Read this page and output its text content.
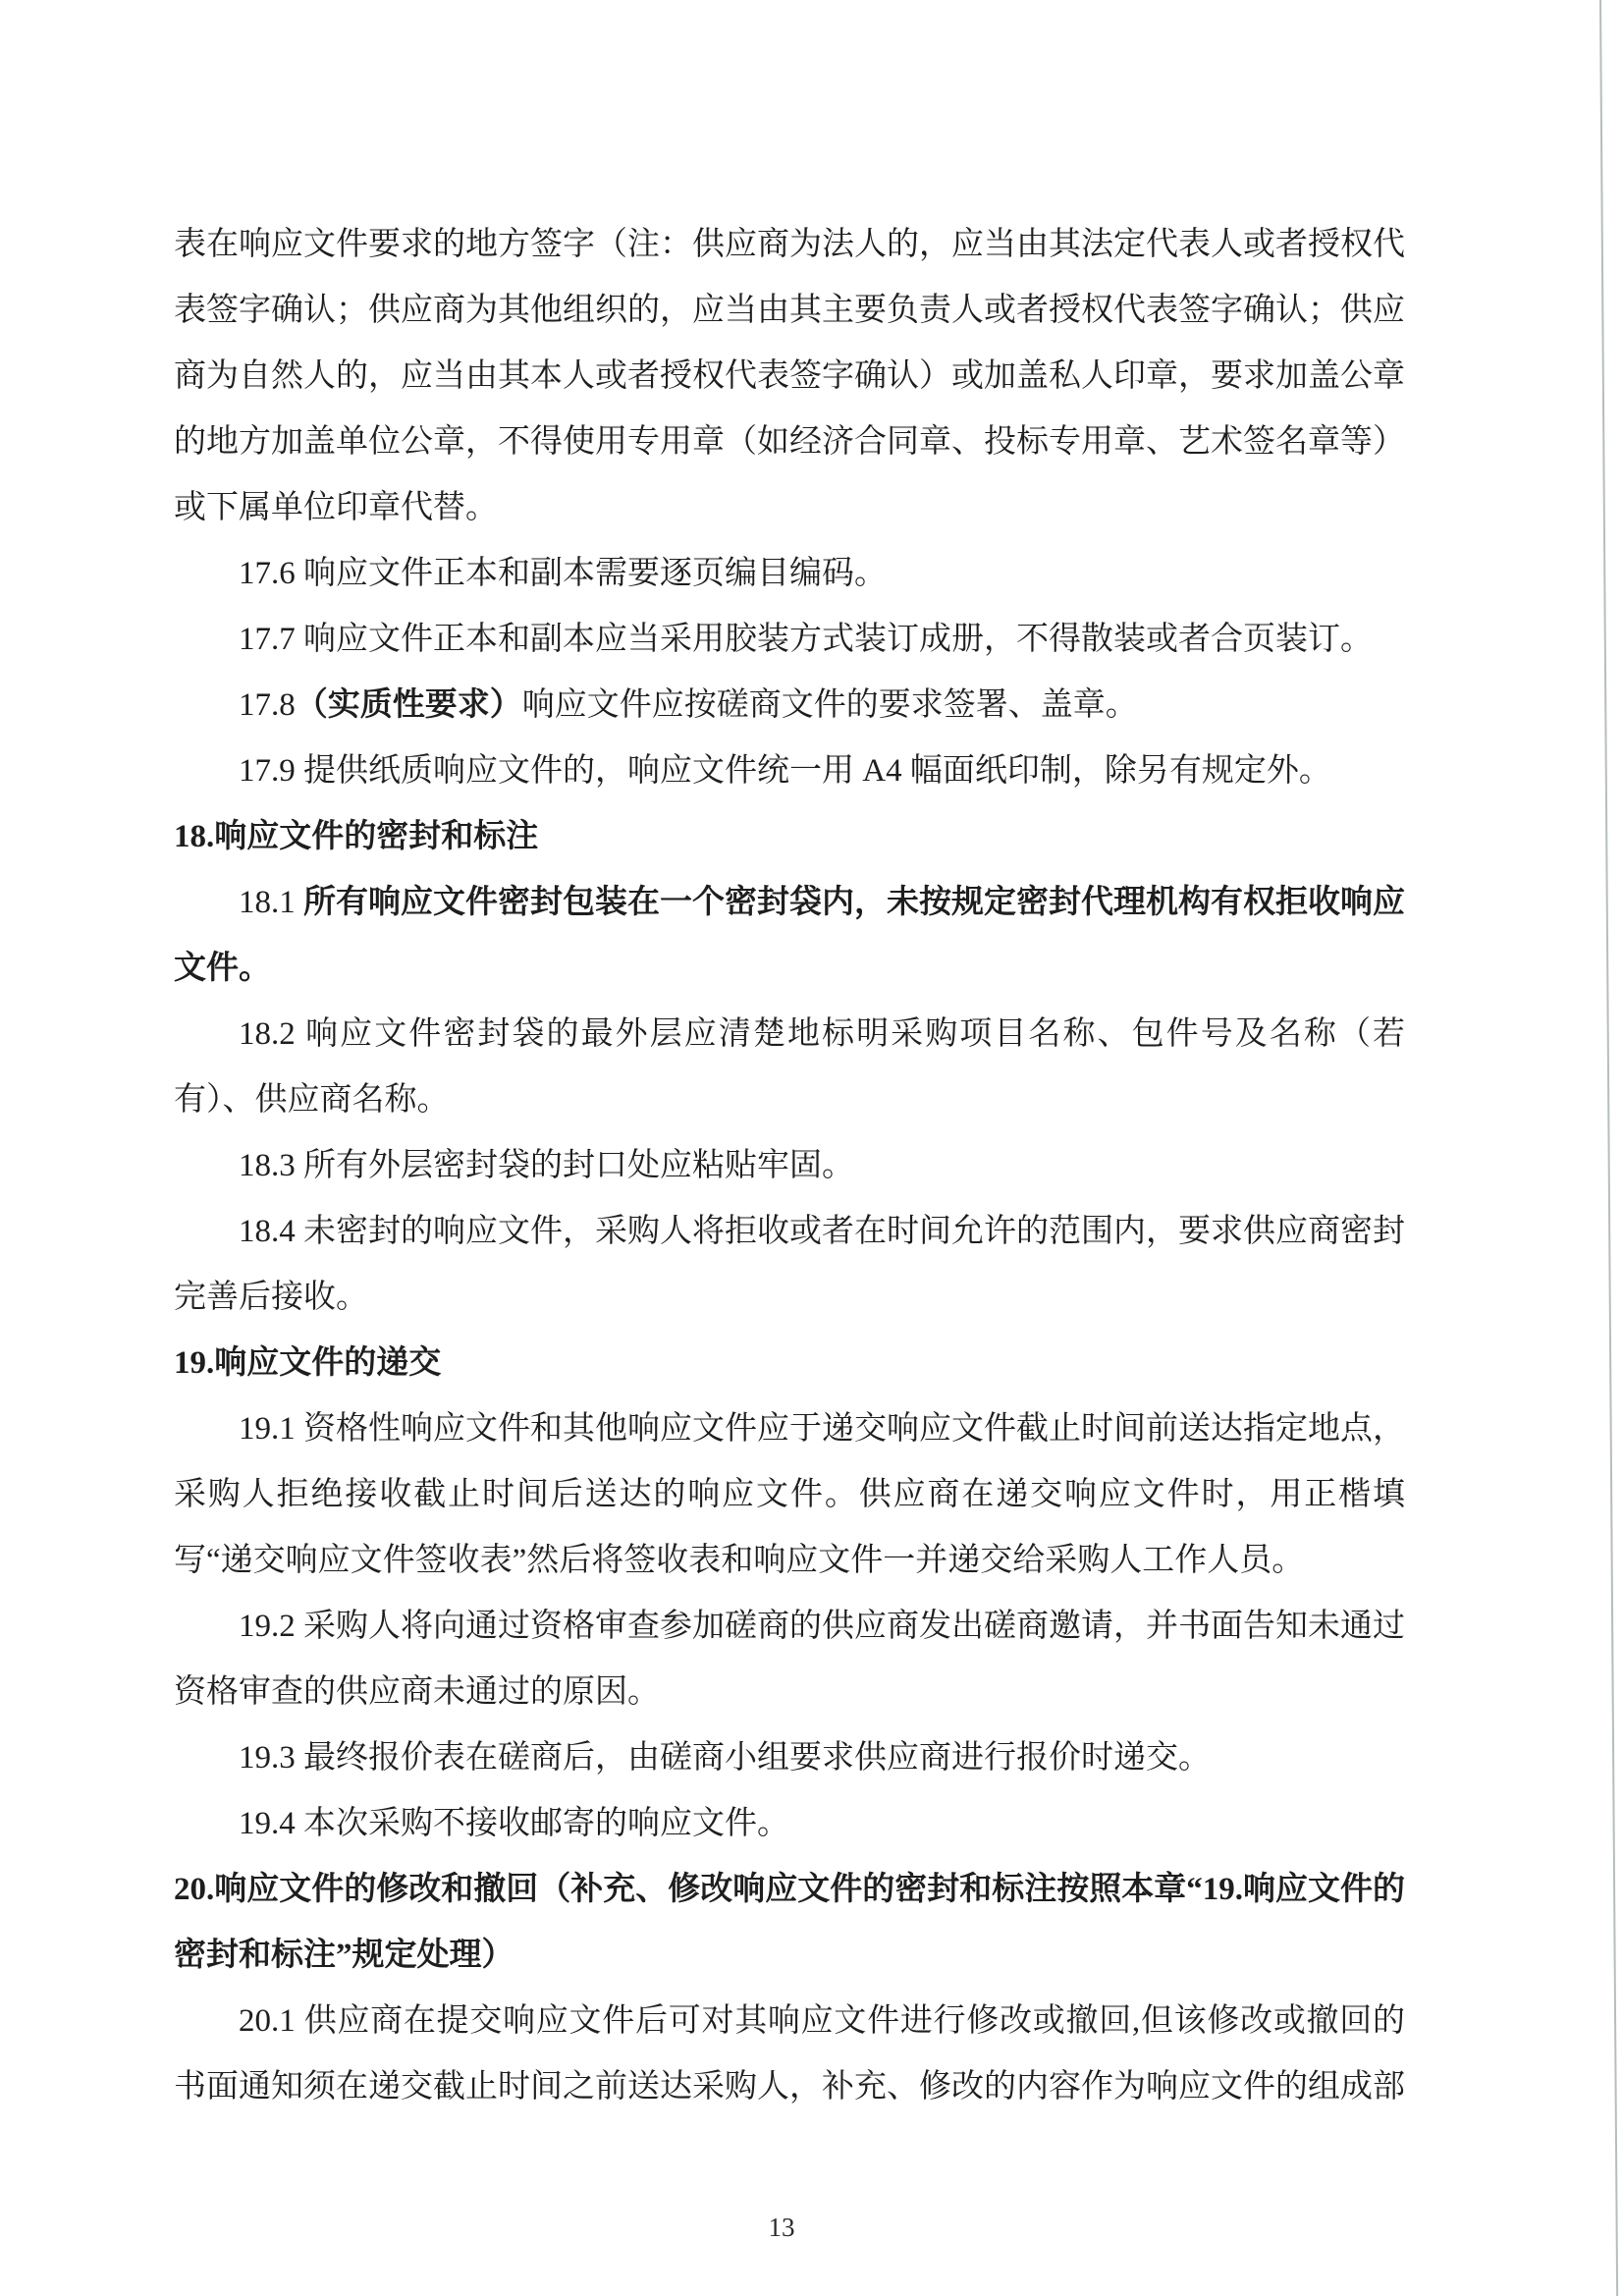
表在响应文件要求的地方签字（注：供应商为法人的，应当由其法定代表人或者授权代表签字确认；供应商为其他组织的，应当由其主要负责人或者授权代表签字确认；供应商为自然人的，应当由其本人或者授权代表签字确认）或加盖私人印章，要求加盖公章的地方加盖单位公章，不得使用专用章（如经济合同章、投标专用章、艺术签名章等）或下属单位印章代替。

17.6 响应文件正本和副本需要逐页编目编码。

17.7 响应文件正本和副本应当采用胶装方式装订成册，不得散装或者合页装订。

17.8（实质性要求）响应文件应按磋商文件的要求签署、盖章。

17.9 提供纸质响应文件的，响应文件统一用 A4 幅面纸印制，除另有规定外。

18.响应文件的密封和标注

18.1 所有响应文件密封包装在一个密封袋内，未按规定密封代理机构有权拒收响应文件。

18.2 响应文件密封袋的最外层应清楚地标明采购项目名称、包件号及名称（若有）、供应商名称。

18.3 所有外层密封袋的封口处应粘贴牢固。

18.4 未密封的响应文件，采购人将拒收或者在时间允许的范围内，要求供应商密封完善后接收。

19.响应文件的递交

19.1 资格性响应文件和其他响应文件应于递交响应文件截止时间前送达指定地点，采购人拒绝接收截止时间后送达的响应文件。供应商在递交响应文件时，用正楷填写“递交响应文件签收表”然后将签收表和响应文件一并递交给采购人工作人员。

19.2 采购人将向通过资格审查参加磋商的供应商发出磋商邀请，并书面告知未通过资格审查的供应商未通过的原因。

19.3 最终报价表在磋商后，由磋商小组要求供应商进行报价时递交。

19.4 本次采购不接收邮寄的响应文件。

20.响应文件的修改和撤回（补充、修改响应文件的密封和标注按照本章“19.响应文件的密封和标注”规定处理）

20.1 供应商在提交响应文件后可对其响应文件进行修改或撤回,但该修改或撤回的书面通知须在递交截止时间之前送达采购人，补充、修改的内容作为响应文件的组成部

13
